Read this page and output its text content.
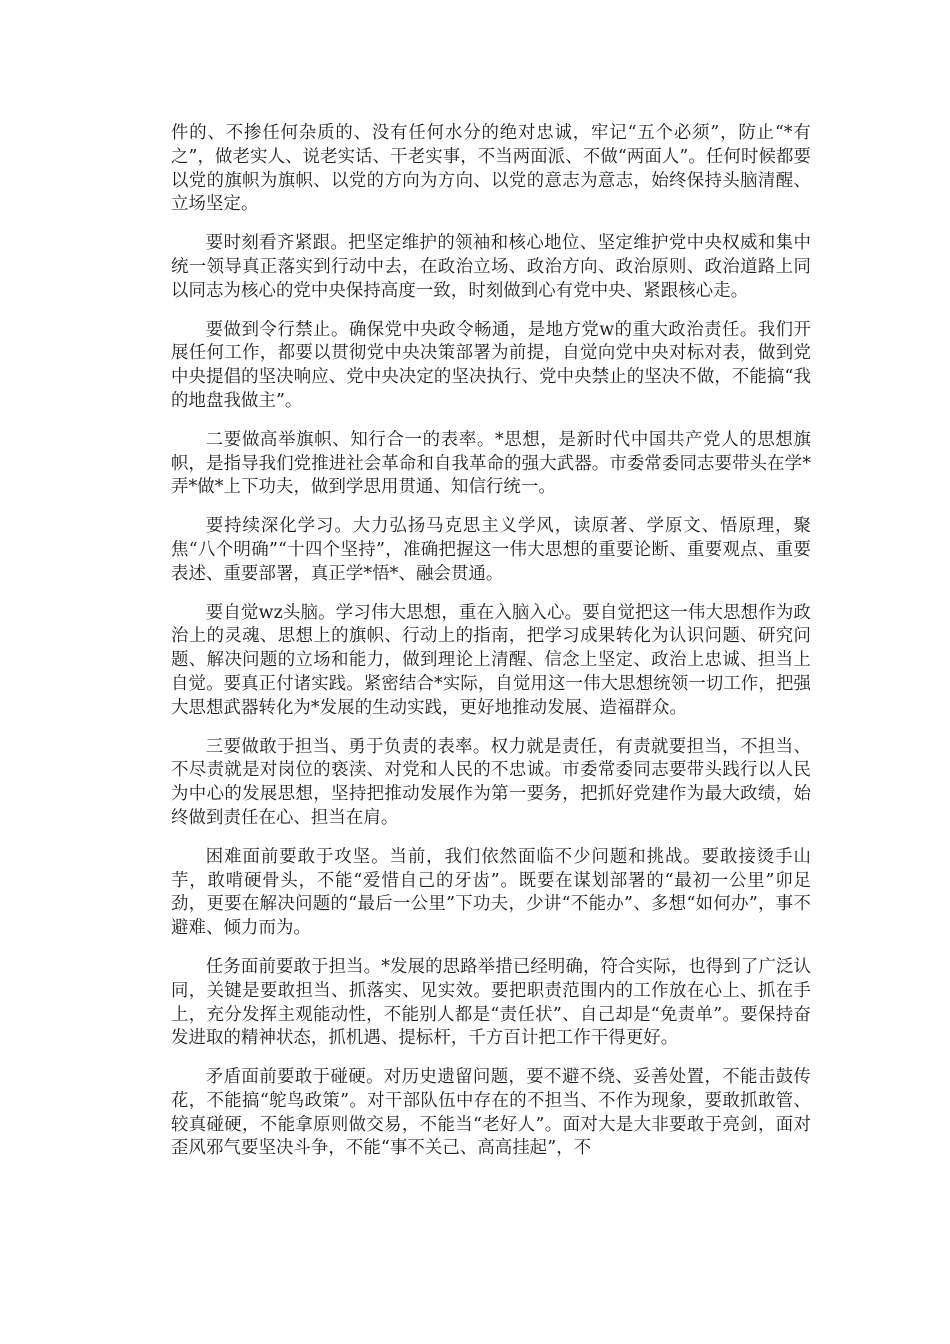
件的、不掺任何杂质的、没有任何水分的绝对忠诚，牢记“五个必须”，防止“*有之”，做老实人、说老实话、干老实事，不当两面派、不做“两面人”。任何时候都要以党的旗帜为旗帜、以党的方向为方向、以党的意志为意志，始终保持头脑清醒、立场坚定。

要时刻看齐紧跟。把坚定维护的领袖和核心地位、坚定维护党中央权威和集中统一领导真正落实到行动中去，在政治立场、政治方向、政治原则、政治道路上同以同志为核心的党中央保持高度一致，时刻做到心有党中央、紧跟核心走。

要做到令行禁止。确保党中央政令畅通，是地方党w的重大政治责任。我们开展任何工作，都要以贯彻党中央决策部署为前提，自觉向党中央对标对表，做到党中央提倡的坚决响应、党中央决定的坚决执行、党中央禁止的坚决不做，不能搞“我的地盘我做主”。

二要做高举旗帜、知行合一的表率。*思想，是新时代中国共产党人的思想旗帜，是指导我们党推进社会革命和自我革命的强大武器。市委常委同志要带头在学*弄*做*上下功夫，做到学思用贯通、知信行统一。

要持续深化学习。大力弘扬马克思主义学风，读原著、学原文、悟原理，聚焦“八个明确”“十四个坚持”，准确把握这一伟大思想的重要论断、重要观点、重要表述、重要部署，真正学*悟*、融会贯通。

要自觉wz头脑。学习伟大思想，重在入脑入心。要自觉把这一伟大思想作为政治上的灵魂、思想上的旗帜、行动上的指南，把学习成果转化为认识问题、研究问题、解决问题的立场和能力，做到理论上清醒、信念上坚定、政治上忠诚、担当上自觉。要真正付诸实践。紧密结合*实际，自觉用这一伟大思想统领一切工作，把强大思想武器转化为*发展的生动实践，更好地推动发展、造福群众。

三要做敢于担当、勇于负责的表率。权力就是责任，有责就要担当，不担当、不尽责就是对岗位的亵渎、对党和人民的不忠诚。市委常委同志要带头践行以人民为中心的发展思想，坚持把推动发展作为第一要务，把抓好党建作为最大政绩，始终做到责任在心、担当在肩。

困难面前要敢于攻坚。当前，我们依然面临不少问题和挑战。要敢接烫手山芋，敢啃硬骨头，不能“爱惜自己的牙齿”。既要在谋划部署的“最初一公里”卯足劲，更要在解决问题的“最后一公里”下功夫，少讲“不能办”、多想“如何办”，事不避难、倾力而为。

任务面前要敢于担当。*发展的思路举措已经明确，符合实际，也得到了广泛认同，关键是要敢担当、抓落实、见实效。要把职责范围内的工作放在心上、抓在手上，充分发挥主观能动性，不能别人都是“责任状”、自己却是“免责单”。要保持奋发进取的精神状态，抓机遇、提标杆，千方百计把工作干得更好。

矛盾面前要敢于碰硬。对历史遗留问题，要不避不绕、妥善处置，不能击鼓传花，不能搞“鸵鸟政策”。对干部队伍中存在的不担当、不作为现象，要敢抓敢管、较真碰硬，不能拿原则做交易，不能当“老好人”。面对大是大非要敢于亮剑，面对歪风邪气要坚决斗争，不能“事不关己、高高挂起”，不
